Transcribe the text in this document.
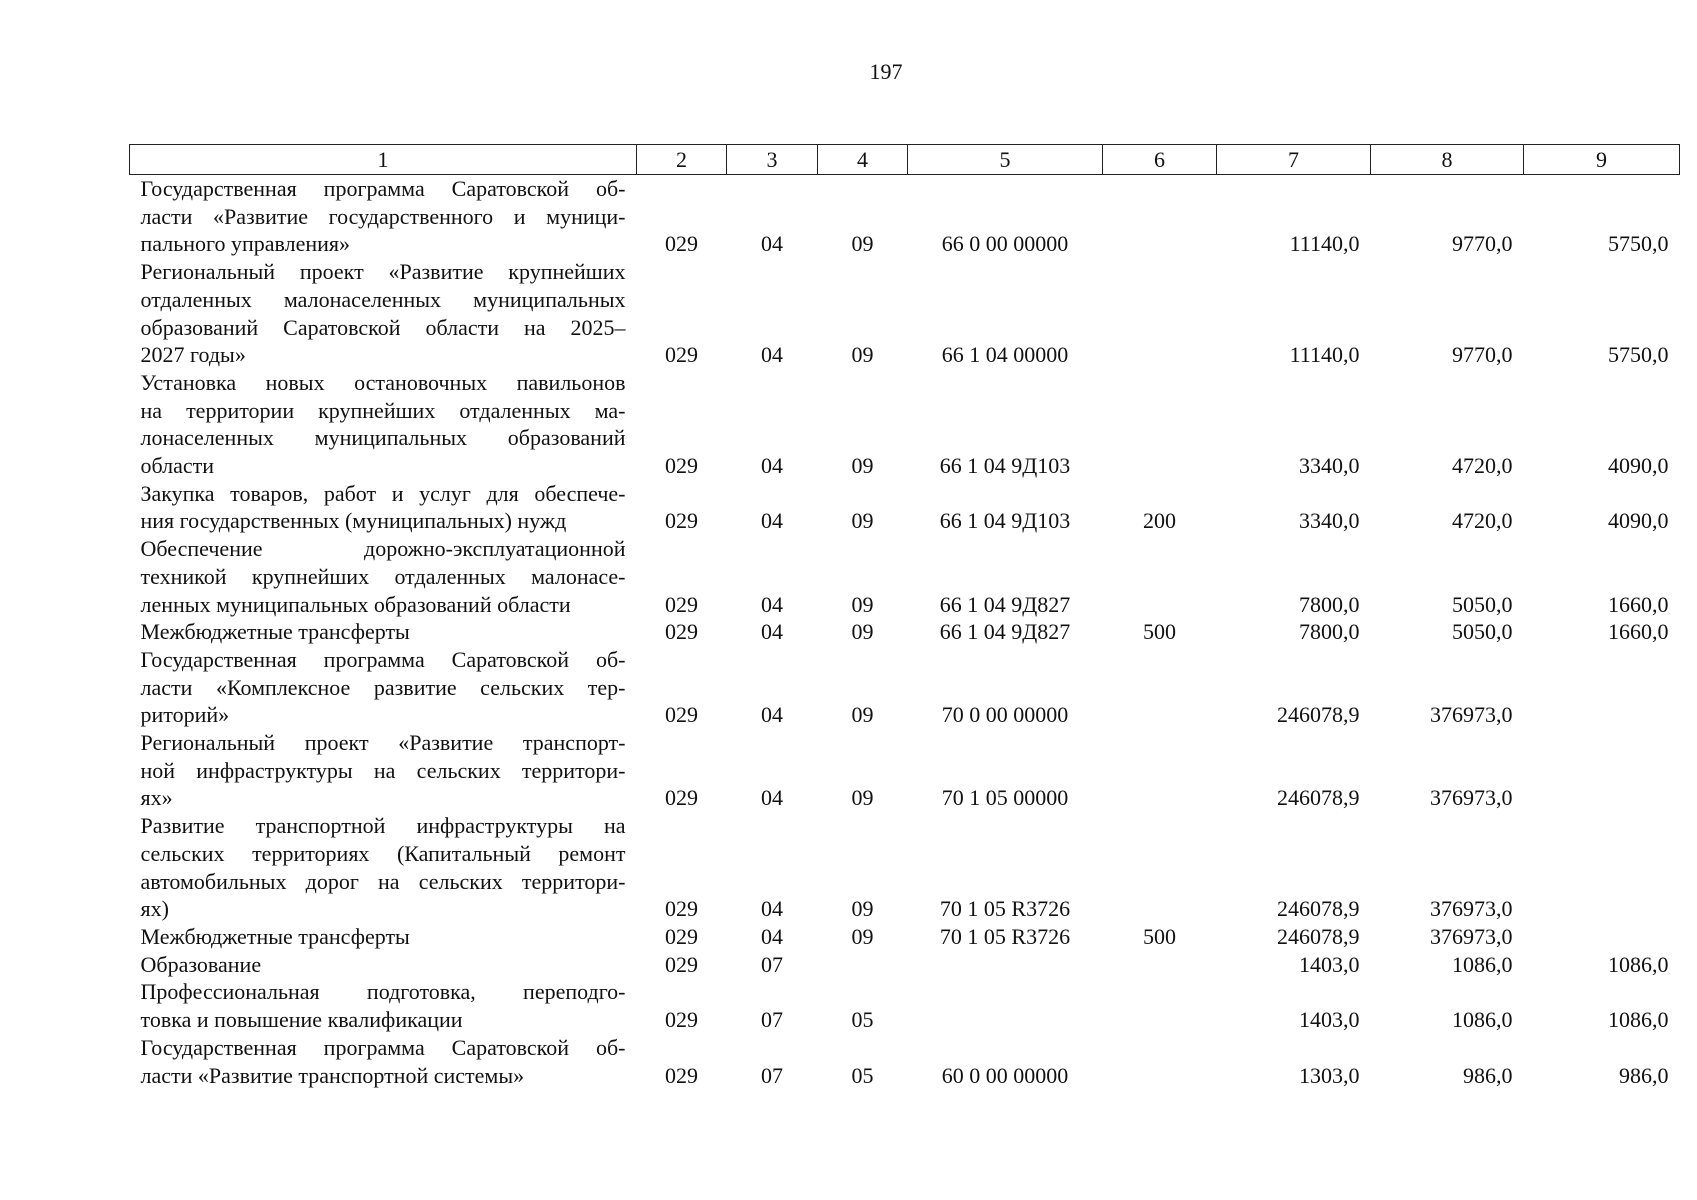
197
1	2	3	4	5	6	7	8	9

Государственная программа Саратовской об-
ласти «Развитие государственного и муници-
пального управления»	029	04	09	66 0 00 00000		11140,0	9770,0	5750,0

Региональный проект «Развитие крупнейших
отдаленных малонаселенных муниципальных
образований Саратовской области на 2025–
2027 годы»	029	04	09	66 1 04 00000		11140,0	9770,0	5750,0

Установка новых остановочных павильонов
на территории крупнейших отдаленных ма-
лонаселенных муниципальных образований
области	029	04	09	66 1 04 9Д103		3340,0	4720,0	4090,0

Закупка товаров, работ и услуг для обеспече-
ния государственных (муниципальных) нужд	029	04	09	66 1 04 9Д103	200	3340,0	4720,0	4090,0

Обеспечение дорожно-эксплуатационной
техникой крупнейших отдаленных малонасе-
ленных муниципальных образований области	029	04	09	66 1 04 9Д827		7800,0	5050,0	1660,0

Межбюджетные трансферты	029	04	09	66 1 04 9Д827	500	7800,0	5050,0	1660,0

Государственная программа Саратовской об-
ласти «Комплексное развитие сельских тер-
риторий»	029	04	09	70 0 00 00000		246078,9	376973,0	

Региональный проект «Развитие транспорт-
ной инфраструктуры на сельских территори-
ях»	029	04	09	70 1 05 00000		246078,9	376973,0	

Развитие транспортной инфраструктуры на
сельских территориях (Капитальный ремонт
автомобильных дорог на сельских территори-
ях)	029	04	09	70 1 05 R3726		246078,9	376973,0	

Межбюджетные трансферты	029	04	09	70 1 05 R3726	500	246078,9	376973,0	

Образование	029	07				1403,0	1086,0	1086,0

Профессиональная подготовка, переподго-
товка и повышение квалификации	029	07	05			1403,0	1086,0	1086,0

Государственная программа Саратовской об-
ласти «Развитие транспортной системы»	029	07	05	60 0 00 00000		1303,0	986,0	986,0
